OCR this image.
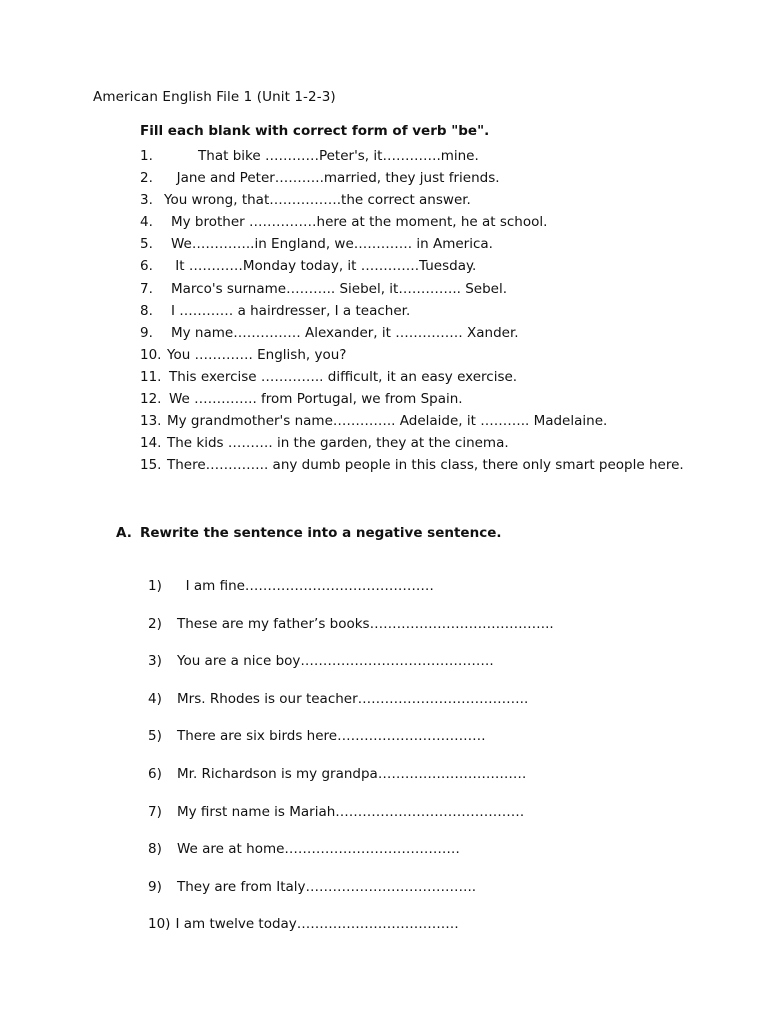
American English File 1 (Unit 1-2-3)
Fill each blank with correct form of verb "be".
1.       That bike …………Peter's, it………….mine.
2.  Jane and Peter………..married, they just friends.
3. You wrong, that…………….the correct answer.
4. My brother ……………here at the moment, he at school.
5. We…………..in England, we…………. in America.
6. It …………Monday today, it ………….Tuesday.
7. Marco's surname……….. Siebel, it………….. Sebel.
8. I ………… a hairdresser, I a teacher.
9. My name…………… Alexander, it …………… Xander.
10. You …………. English, you?
11. This exercise ………….. difficult, it an easy exercise.
12. We ………….. from Portugal, we from Spain.
13. My grandmother's name………….. Adelaide, it ……….. Madelaine.
14. The kids ………. in the garden, they at the cinema.
15. There………….. any dumb people in this class, there only smart people here.
A. Rewrite the sentence into a negative sentence.
1)  I am fine……………………………………
2) These are my father’s books…………………………………..
3) You are a nice boy…………………………………….
4) Mrs. Rhodes is our teacher………………………………..
5) There are six birds here……………………………
6) Mr. Richardson is my grandpa……………………………
7) My first name is Mariah……………………………………
8) We are at home…………………………………
9) They are from Italy………………………………..
10) I am twelve today………………………………
